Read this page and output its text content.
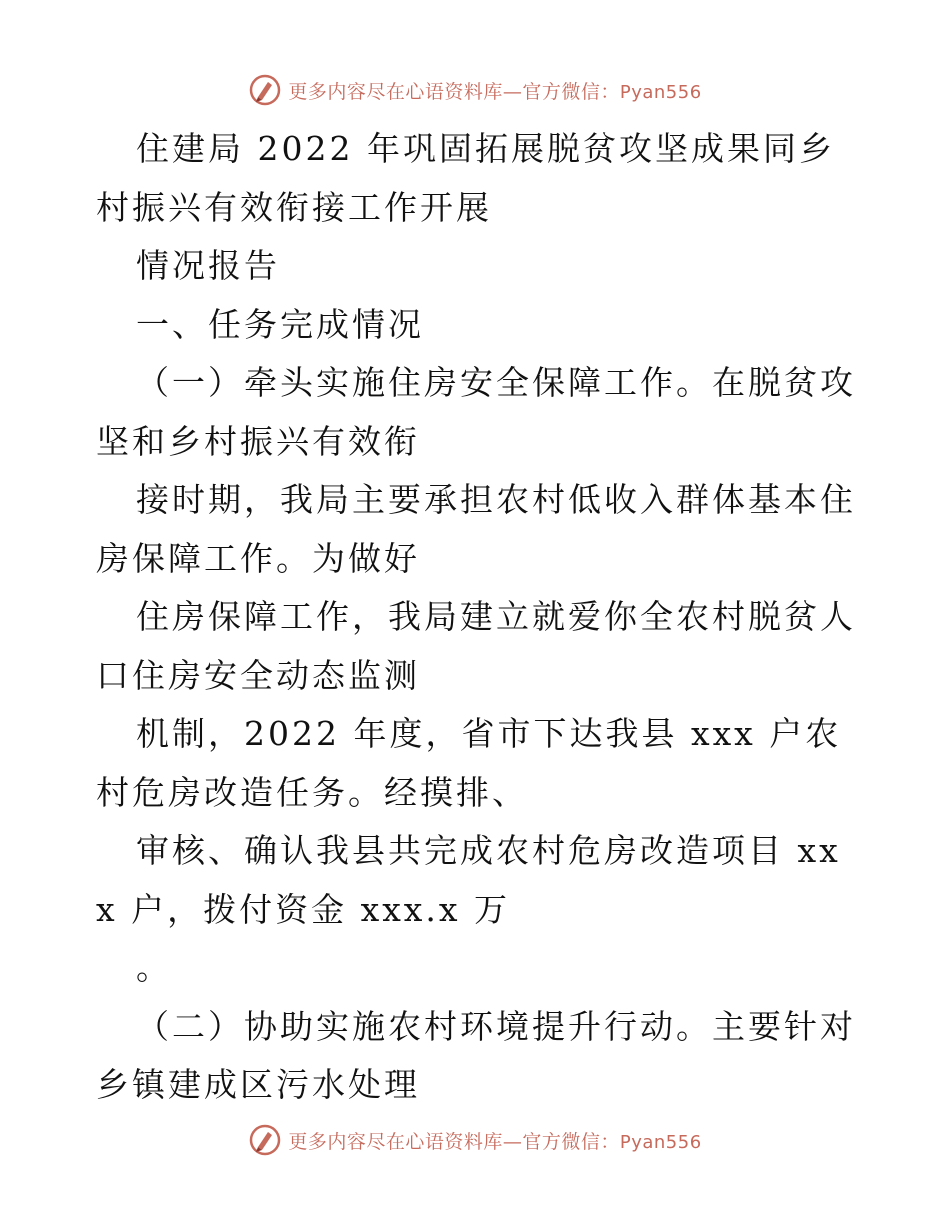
更多内容尽在心语资料库—官方微信：Pyan556

住建局 2022 年巩固拓展脱贫攻坚成果同乡村振兴有效衔接工作开展

情况报告

一、任务完成情况

（一）牵头实施住房安全保障工作。在脱贫攻坚和乡村振兴有效衔

接时期，我局主要承担农村低收入群体基本住房保障工作。为做好

住房保障工作，我局建立就爱你全农村脱贫人口住房安全动态监测

机制，2022 年度，省市下达我县 xxx 户农村危房改造任务。经摸排、

审核、确认我县共完成农村危房改造项目 xxx 户，拨付资金 xxx.x 万

。

（二）协助实施农村环境提升行动。主要针对乡镇建成区污水处理

更多内容尽在心语资料库—官方微信：Pyan556
